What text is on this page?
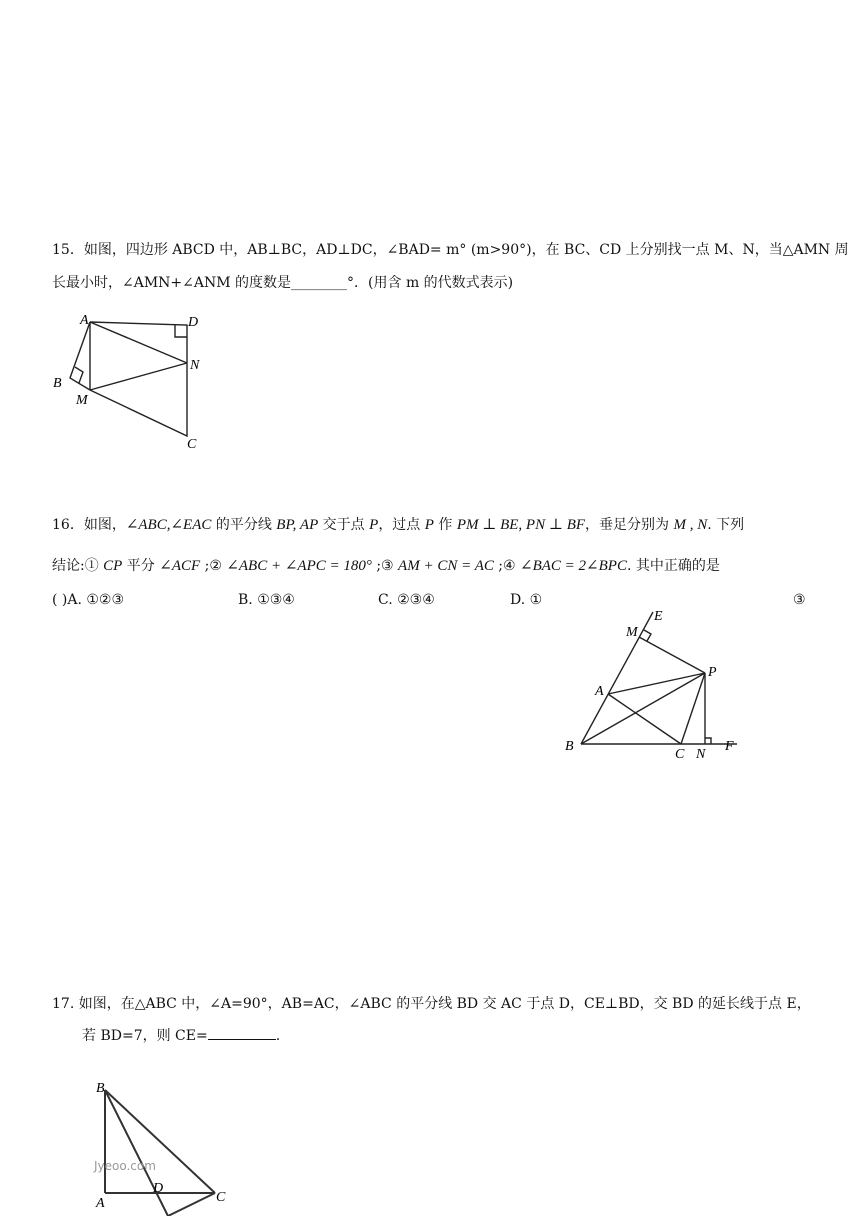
15．如图，四边形 ABCD 中，AB⊥BC，AD⊥DC，∠BAD= m° (m>90°)，在 BC、CD 上分别找一点 M、N，当△AMN 周
长最小时，∠AMN+∠ANM 的度数是________°．(用含 m 的代数式表示)
A	D
N
B
M
C
16．如图，∠ABC,∠EAC 的平分线 BP, AP 交于点 P，过点 P 作 PM ⊥ BE, PN ⊥ BF，垂足分别为 M , N. 下列
结论:① CP 平分 ∠ACF ;② ∠ABC + ∠APC = 180° ;③ AM + CN = AC ;④ ∠BAC = 2∠BPC. 其中正确的是
( )A. ①②③	B. ①③④	C. ②③④	D. ①	③
M
E
P
A
B
C N
F
17. 如图，在△ABC 中，∠A=90°，AB=AC，∠ABC 的平分线 BD 交 AC 于点 D，CE⊥BD，交 BD 的延长线于点 E，
若 BD=7，则 CE=	.
Jyeoo.com
B
D
C
A
